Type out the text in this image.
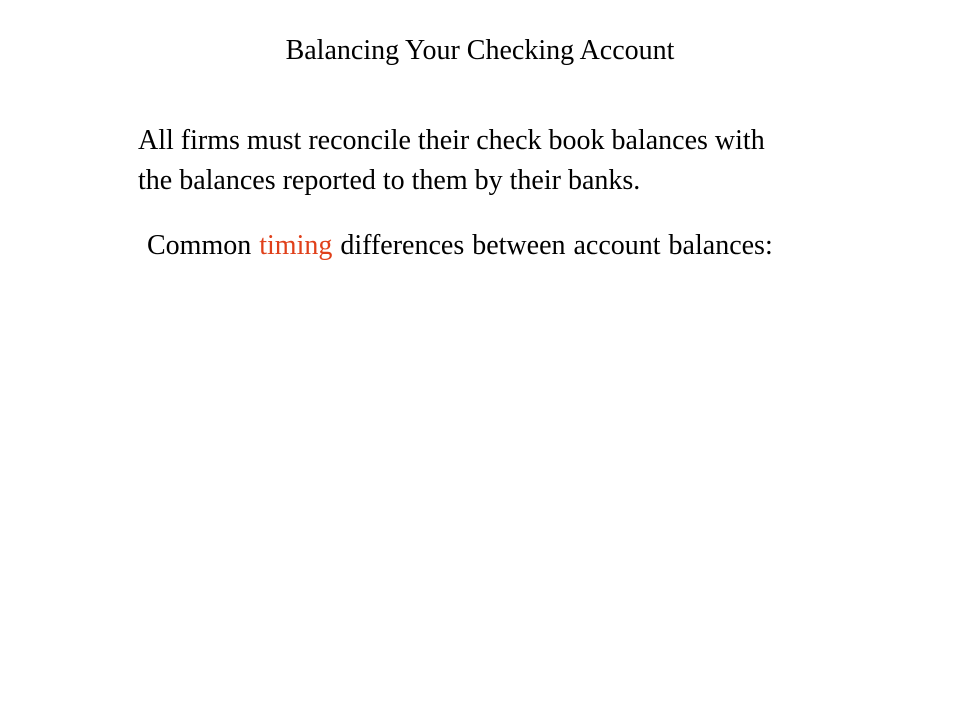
Balancing Your Checking Account
All firms must reconcile their check book balances with
the balances reported to them by their banks.
Common timing differences between account balances:
